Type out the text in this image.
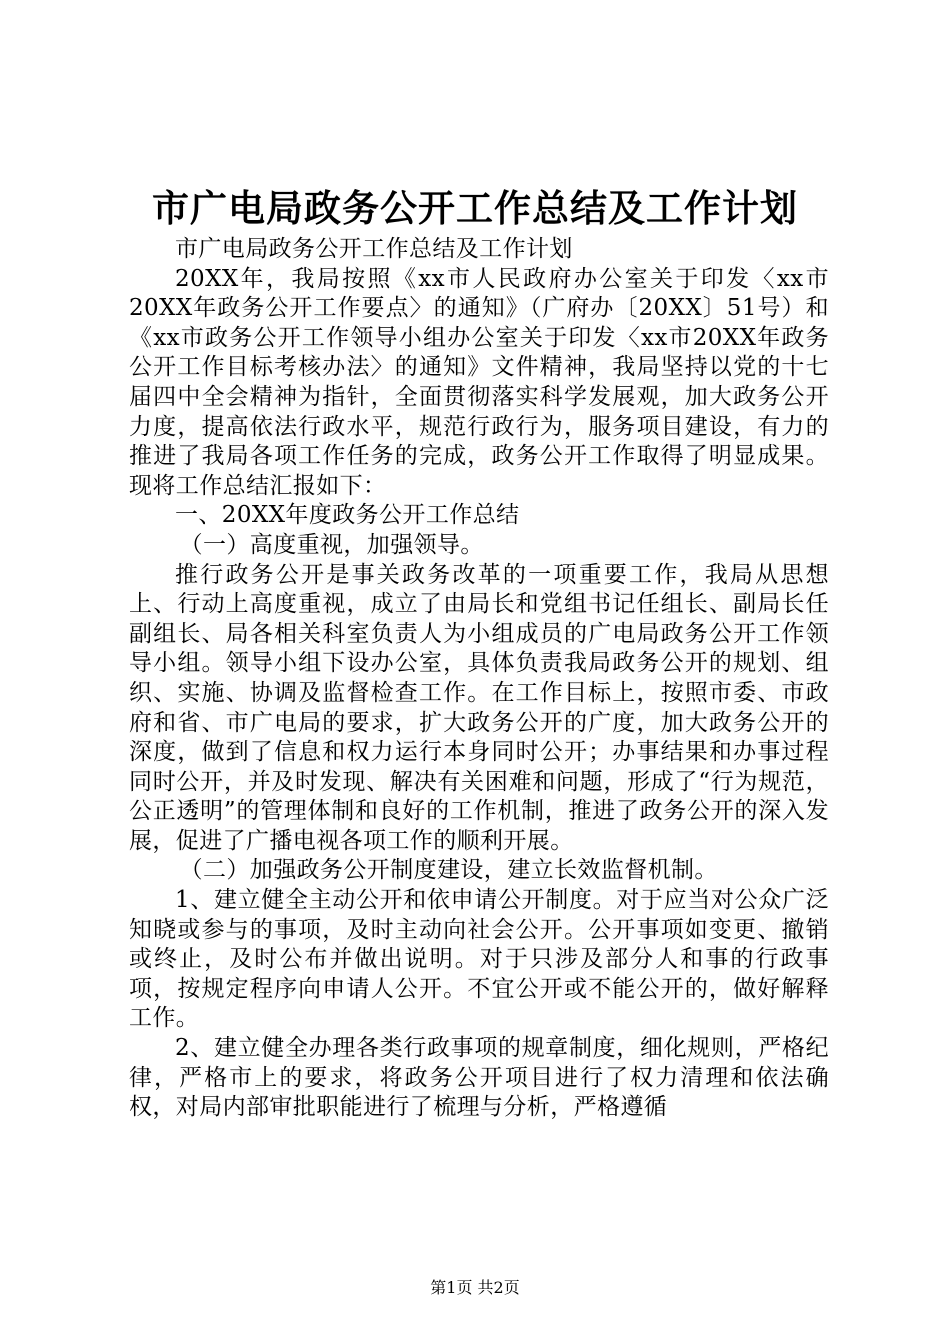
市广电局政务公开工作总结及工作计划

市广电局政务公开工作总结及工作计划

20XX年，我局按照《xx市人民政府办公室关于印发〈xx市20XX年政务公开工作要点〉的通知》（广府办〔20XX〕51号）和《xx市政务公开工作领导小组办公室关于印发〈xx市20XX年政务公开工作目标考核办法〉的通知》文件精神，我局坚持以党的十七届四中全会精神为指针，全面贯彻落实科学发展观，加大政务公开力度，提高依法行政水平，规范行政行为，服务项目建设，有力的推进了我局各项工作任务的完成，政务公开工作取得了明显成果。现将工作总结汇报如下：

一、20XX年度政务公开工作总结

（一）高度重视，加强领导。

推行政务公开是事关政务改革的一项重要工作，我局从思想上、行动上高度重视，成立了由局长和党组书记任组长、副局长任副组长、局各相关科室负责人为小组成员的广电局政务公开工作领导小组。领导小组下设办公室，具体负责我局政务公开的规划、组织、实施、协调及监督检查工作。在工作目标上，按照市委、市政府和省、市广电局的要求，扩大政务公开的广度，加大政务公开的深度，做到了信息和权力运行本身同时公开；办事结果和办事过程同时公开，并及时发现、解决有关困难和问题，形成了“行为规范，公正透明”的管理体制和良好的工作机制，推进了政务公开的深入发展，促进了广播电视各项工作的顺利开展。

（二）加强政务公开制度建设，建立长效监督机制。

1、建立健全主动公开和依申请公开制度。对于应当对公众广泛知晓或参与的事项，及时主动向社会公开。公开事项如变更、撤销或终止，及时公布并做出说明。对于只涉及部分人和事的行政事项，按规定程序向申请人公开。不宜公开或不能公开的，做好解释工作。

2、建立健全办理各类行政事项的规章制度，细化规则，严格纪律，严格市上的要求，将政务公开项目进行了权力清理和依法确权，对局内部审批职能进行了梳理与分析，严格遵循

第1页 共2页
